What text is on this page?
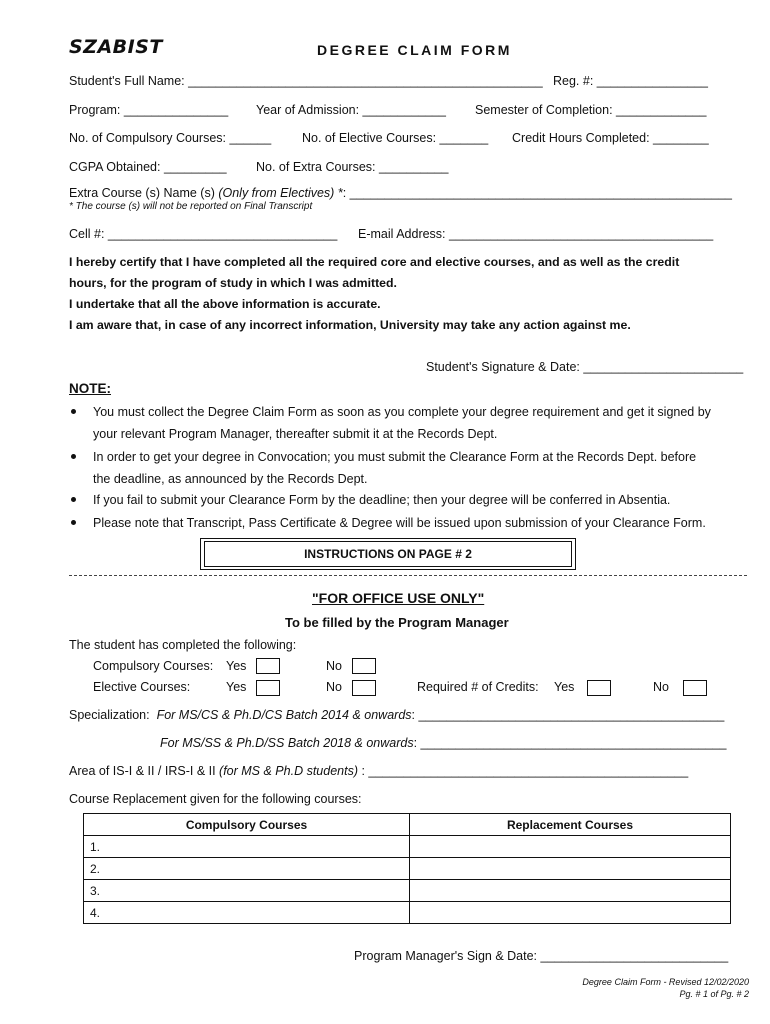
SZABIST	DEGREE CLAIM FORM
Student's Full Name: ___________________________________________________ Reg. #: ________________
Program: _______________ Year of Admission: ____________ Semester of Completion: _____________
No. of Compulsory Courses: ______ No. of Elective Courses: _______ Credit Hours Completed: ________
CGPA Obtained: _________ No. of Extra Courses: __________
Extra Course (s) Name (s) (Only from Electives) *: _______________________________________________________
* The course (s) will not be reported on Final Transcript
Cell #: _________________________________ E-mail Address: ______________________________________
I hereby certify that I have completed all the required core and elective courses, and as well as the credit
hours, for the program of study in which I was admitted.
I undertake that all the above information is accurate.
I am aware that, in case of any incorrect information, University may take any action against me.
Student's Signature & Date: _______________________
NOTE:
You must collect the Degree Claim Form as soon as you complete your degree requirement and get it signed by
your relevant Program Manager, thereafter submit it at the Records Dept.
In order to get your degree in Convocation; you must submit the Clearance Form at the Records Dept. before
the deadline, as announced by the Records Dept.
If you fail to submit your Clearance Form by the deadline; then your degree will be conferred in Absentia.
Please note that Transcript, Pass Certificate & Degree will be issued upon submission of your Clearance Form.
INSTRUCTIONS ON PAGE # 2
"FOR OFFICE USE ONLY"
To be filled by the Program Manager
The student has completed the following:
Compulsory Courses: Yes	No
Elective Courses:	Yes	No	Required # of Credits: Yes	No
Specialization: For MS/CS & Ph.D/CS Batch 2014 & onwards: ____________________________________________
For MS/SS & Ph.D/SS Batch 2018 & onwards: ____________________________________________
Area of IS-I & II / IRS-I & II (for MS & Ph.D students) : ______________________________________________
Course Replacement given for the following courses:
Compulsory Courses	Replacement Courses
1.	
2.	
3.	
4.	
Program Manager's Sign & Date: ___________________________
Degree Claim Form - Revised 12/02/2020
Pg. # 1 of Pg. # 2
